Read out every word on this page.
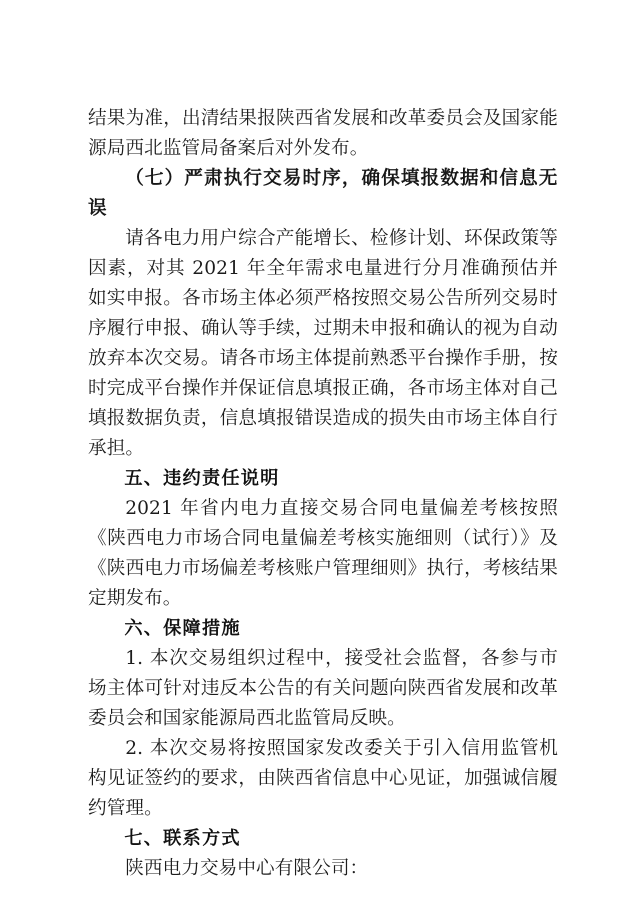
结果为准，出清结果报陕西省发展和改革委员会及国家能源局西北监管局备案后对外发布。

（七）严肃执行交易时序，确保填报数据和信息无误

请各电力用户综合产能增长、检修计划、环保政策等因素，对其 2021 年全年需求电量进行分月准确预估并如实申报。各市场主体必须严格按照交易公告所列交易时序履行申报、确认等手续，过期未申报和确认的视为自动放弃本次交易。请各市场主体提前熟悉平台操作手册，按时完成平台操作并保证信息填报正确，各市场主体对自己填报数据负责，信息填报错误造成的损失由市场主体自行承担。

五、违约责任说明

2021 年省内电力直接交易合同电量偏差考核按照《陕西电力市场合同电量偏差考核实施细则（试行）》及《陕西电力市场偏差考核账户管理细则》执行，考核结果定期发布。

六、保障措施

1. 本次交易组织过程中，接受社会监督，各参与市场主体可针对违反本公告的有关问题向陕西省发展和改革委员会和国家能源局西北监管局反映。

2. 本次交易将按照国家发改委关于引入信用监管机构见证签约的要求，由陕西省信息中心见证，加强诚信履约管理。

七、联系方式

陕西电力交易中心有限公司：
